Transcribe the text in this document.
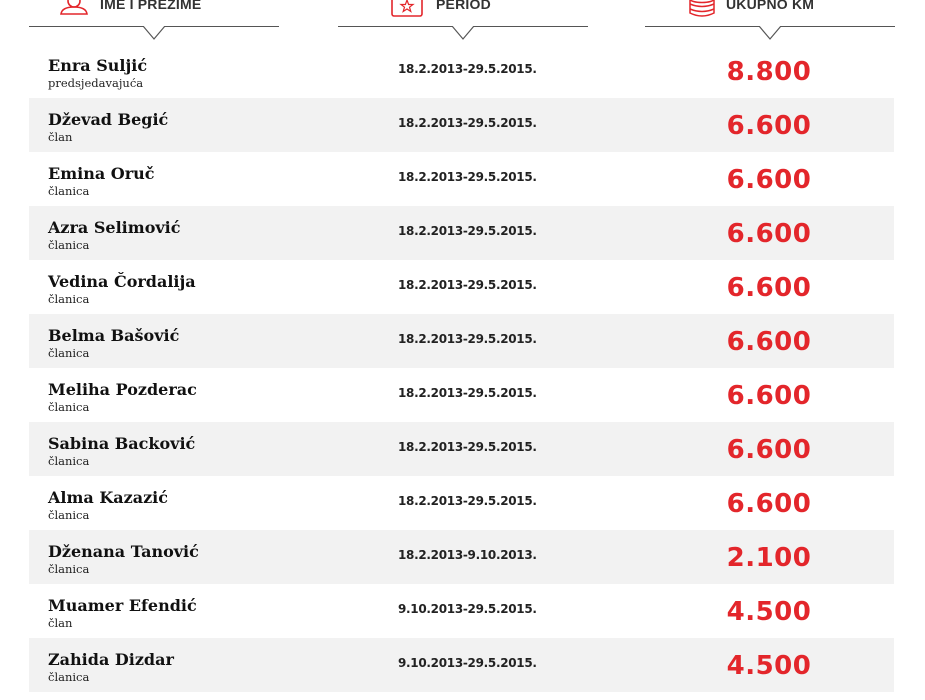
IME I PREZIME	PERIOD	UKUPNO KM
Enra Suljić
predsjedavajuća
18.2.2013-29.5.2015.	8.800
Dževad Begić
član
18.2.2013-29.5.2015.	6.600
Emina Oruč
članica
18.2.2013-29.5.2015.	6.600
Azra Selimović
članica
18.2.2013-29.5.2015.	6.600
Vedina Čordalija
članica
18.2.2013-29.5.2015.	6.600
Belma Bašović
članica
18.2.2013-29.5.2015.	6.600
Meliha Pozderac
članica
18.2.2013-29.5.2015.	6.600
Sabina Backović
članica
18.2.2013-29.5.2015.	6.600
Alma Kazazić
članica
18.2.2013-29.5.2015.	6.600
Dženana Tanović
članica
18.2.2013-9.10.2013.	2.100
Muamer Efendić
član
9.10.2013-29.5.2015.	4.500
Zahida Dizdar
članica
9.10.2013-29.5.2015.	4.500
